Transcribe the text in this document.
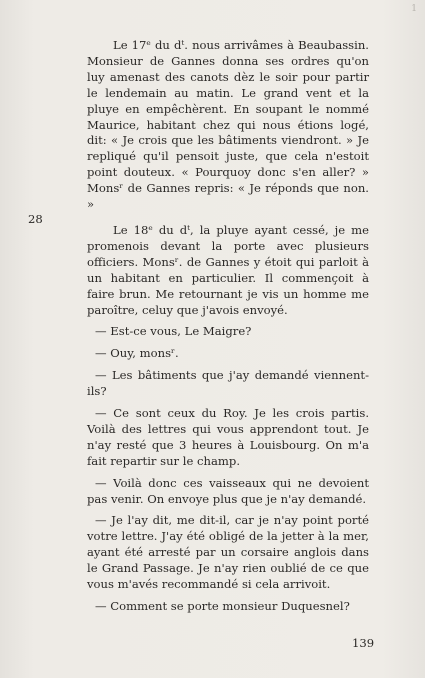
1
28

Le 17ᵉ du dᵗ. nous arrivâmes à Beaubassin. Monsieur de Gannes donna ses ordres qu'on luy amenast des canots dèz le soir pour partir le lendemain au matin. Le grand vent et la pluye en empêchèrent. En soupant le nommé Maurice, habitant chez qui nous étions logé, dit: « Je crois que les bâtiments viendront. » Je repliqué qu'il pensoit juste, que cela n'estoit point douteux. « Pourquoy donc s'en aller? » Monsʳ de Gannes repris: « Je réponds que non. »

Le 18ᵉ du dᵗ, la pluye ayant cessé, je me promenois devant la porte avec plusieurs officiers. Monsʳ. de Gannes y étoit qui parloit à un habitant en particulier. Il commençoit à faire brun. Me retournant je vis un homme me paroître, celuy que j'avois envoyé.

— Est-ce vous, Le Maigre?

— Ouy, monsʳ.

— Les bâtiments que j'ay demandé viennent-ils?

— Ce sont ceux du Roy. Je les crois partis. Voilà des lettres qui vous apprendont tout. Je n'ay resté que 3 heures à Louisbourg. On m'a fait repartir sur le champ.

— Voilà donc ces vaisseaux qui ne devoient pas venir. On envoye plus que je n'ay demandé.

— Je l'ay dit, me dit-il, car je n'ay point porté votre lettre. J'ay été obligé de la jetter à la mer, ayant été arresté par un corsaire anglois dans le Grand Passage. Je n'ay rien oublié de ce que vous m'avés recommandé si cela arrivoit.

— Comment se porte monsieur Duquesnel?

139
